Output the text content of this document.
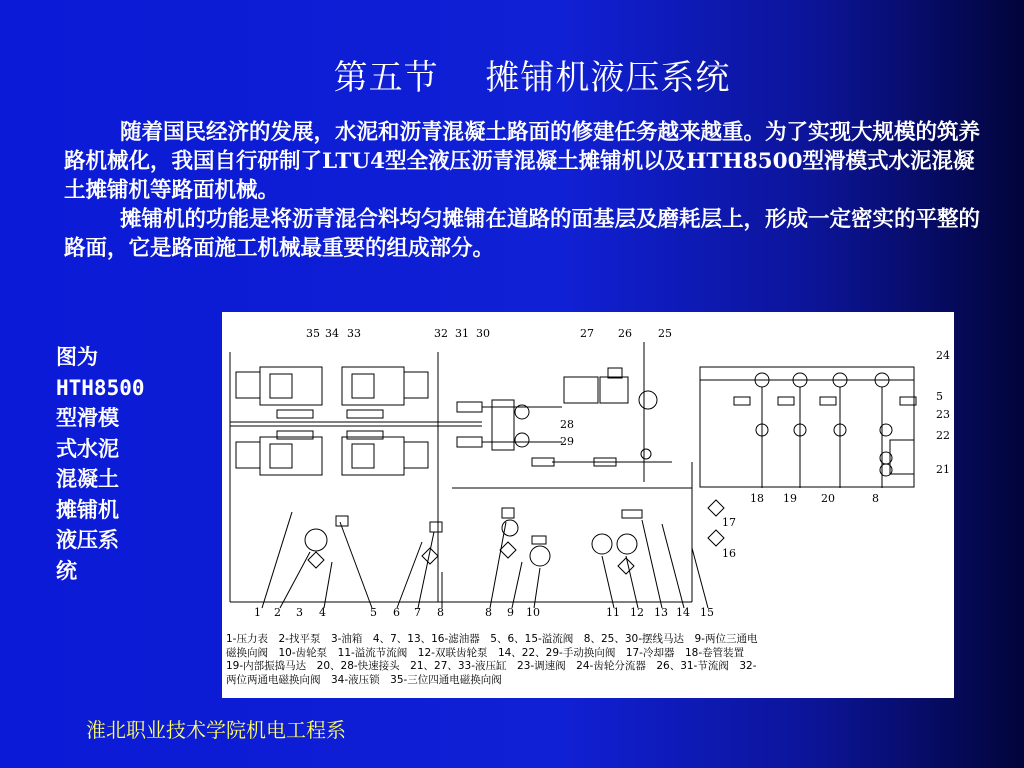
第五节　 摊铺机液压系统

随着国民经济的发展，水泥和沥青混凝土路面的修建任务越来越重。为了实现大规模的筑养路机械化，我国自行研制了LTU4型全液压沥青混凝土摊铺机以及HTH8500型滑模式水泥混凝土摊铺机等路面机械。

摊铺机的功能是将沥青混合料均匀摊铺在道路的面基层及磨耗层上，形成一定密实的平整的路面，它是路面施工机械最重要的组成部分。

图为
HTH8500
型滑模
式水泥
混凝土
摊铺机
液压系
统
35 34 33	32 31 30	27 26 25
24
5
23
22
21
28
29
17
16
18 19 20	8
1 2 3 4	5 6 7 8	8 9 10	11 12 13 14 15
1-压力表　2-找平泵　3-油箱　4、7、13、16-滤油器　5、6、15-溢流阀　8、25、30-摆线马达　9-两位三通电
磁换向阀　10-齿轮泵　11-溢流节流阀　12-双联齿轮泵　14、22、29-手动换向阀　17-冷却器　18-卷管装置
19-内部振捣马达　20、28-快速接头　21、27、33-液压缸　23-调速阀　24-齿轮分流器　26、31-节流阀　32-
两位两通电磁换向阀　34-液压锁　35-三位四通电磁换向阀
淮北职业技术学院机电工程系
